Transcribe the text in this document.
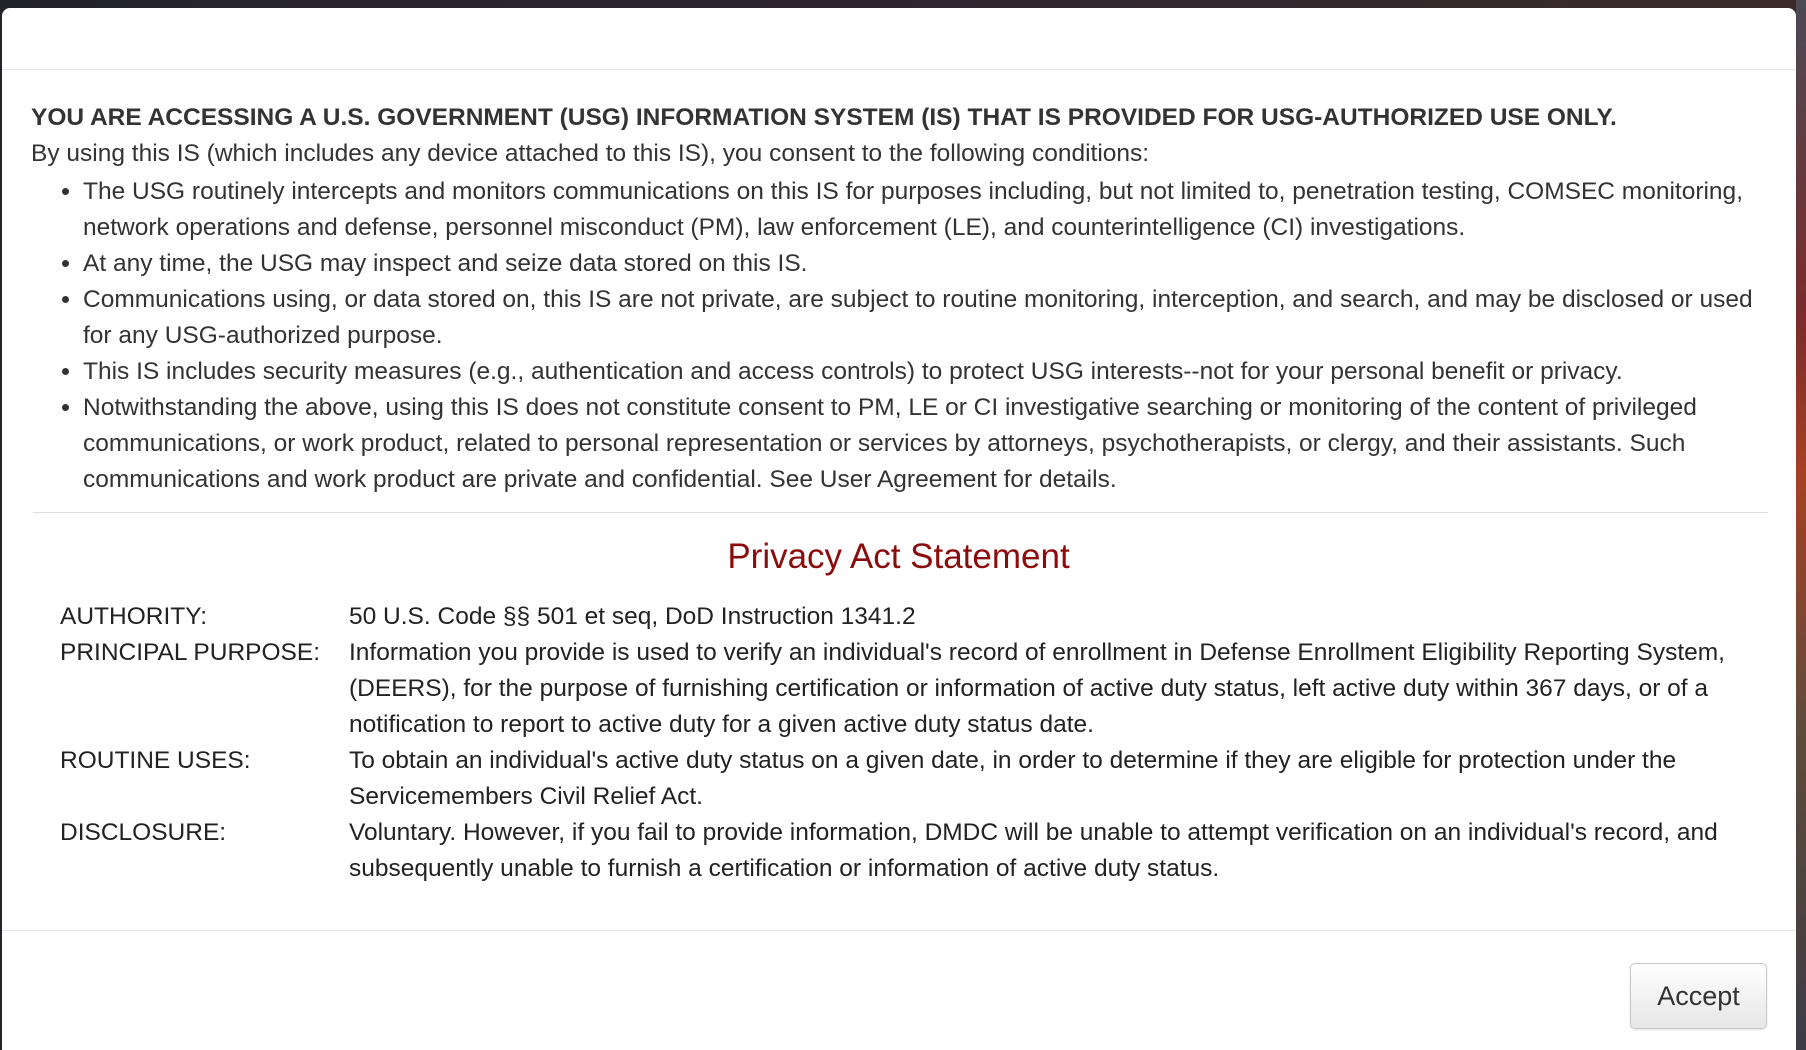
YOU ARE ACCESSING A U.S. GOVERNMENT (USG) INFORMATION SYSTEM (IS) THAT IS PROVIDED FOR USG-AUTHORIZED USE ONLY.

By using this IS (which includes any device attached to this IS), you consent to the following conditions:

• The USG routinely intercepts and monitors communications on this IS for purposes including, but not limited to, penetration testing, COMSEC monitoring, network operations and defense, personnel misconduct (PM), law enforcement (LE), and counterintelligence (CI) investigations.
• At any time, the USG may inspect and seize data stored on this IS.
• Communications using, or data stored on, this IS are not private, are subject to routine monitoring, interception, and search, and may be disclosed or used for any USG-authorized purpose.
• This IS includes security measures (e.g., authentication and access controls) to protect USG interests--not for your personal benefit or privacy.
• Notwithstanding the above, using this IS does not constitute consent to PM, LE or CI investigative searching or monitoring of the content of privileged communications, or work product, related to personal representation or services by attorneys, psychotherapists, or clergy, and their assistants. Such communications and work product are private and confidential. See User Agreement for details.
Privacy Act Statement
AUTHORITY:	50 U.S. Code §§ 501 et seq, DoD Instruction 1341.2
PRINCIPAL PURPOSE:	Information you provide is used to verify an individual's record of enrollment in Defense Enrollment Eligibility Reporting System, (DEERS), for the purpose of furnishing certification or information of active duty status, left active duty within 367 days, or of a notification to report to active duty for a given active duty status date.
ROUTINE USES:	To obtain an individual's active duty status on a given date, in order to determine if they are eligible for protection under the Servicemembers Civil Relief Act.
DISCLOSURE:	Voluntary. However, if you fail to provide information, DMDC will be unable to attempt verification on an individual's record, and subsequently unable to furnish a certification or information of active duty status.
Accept
